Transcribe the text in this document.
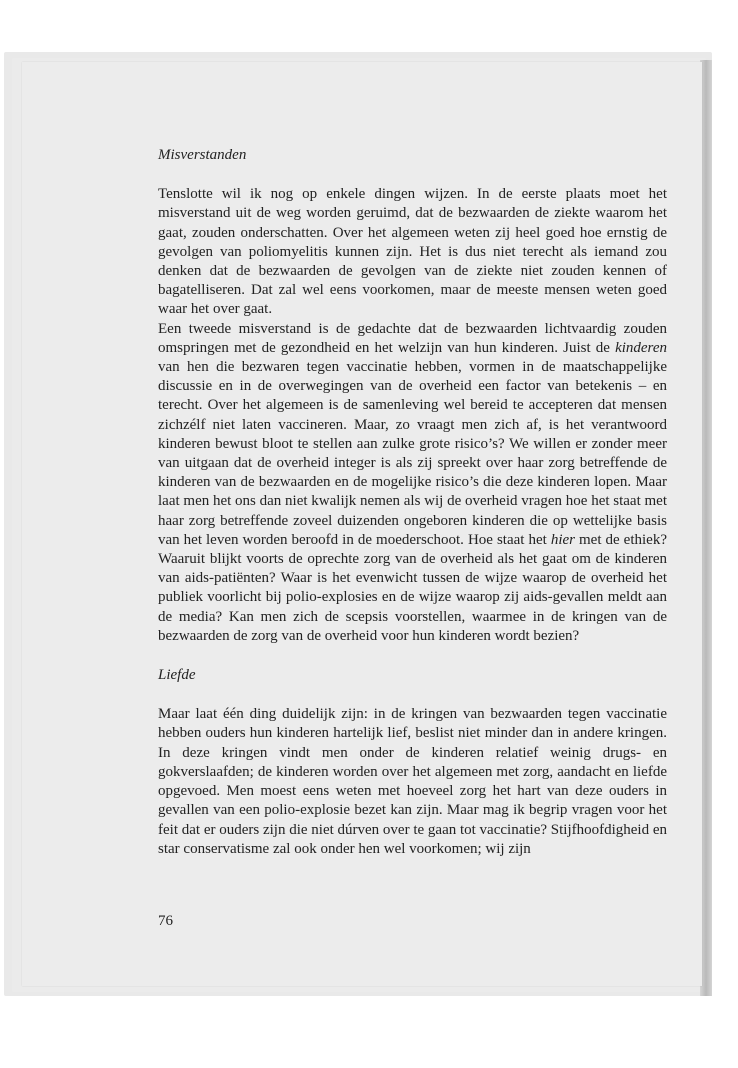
Misverstanden

Tenslotte wil ik nog op enkele dingen wijzen. In de eerste plaats moet het misverstand uit de weg worden geruimd, dat de bezwaarden de ziekte waarom het gaat, zouden onderschatten. Over het algemeen weten zij heel goed hoe ernstig de gevolgen van poliomyelitis kunnen zijn. Het is dus niet terecht als iemand zou denken dat de bezwaarden de gevolgen van de ziekte niet zouden kennen of bagatelliseren. Dat zal wel eens voorkomen, maar de meeste mensen weten goed waar het over gaat.

Een tweede misverstand is de gedachte dat de bezwaarden lichtvaardig zouden omspringen met de gezondheid en het welzijn van hun kinderen. Juist de kinderen van hen die bezwaren tegen vaccinatie hebben, vormen in de maatschappelijke discussie en in de overwegingen van de overheid een factor van betekenis – en terecht. Over het algemeen is de samenleving wel bereid te accepteren dat mensen zichzélf niet laten vaccineren. Maar, zo vraagt men zich af, is het verantwoord kinderen bewust bloot te stellen aan zulke grote risico’s? We willen er zonder meer van uitgaan dat de overheid integer is als zij spreekt over haar zorg betreffende de kinderen van de bezwaarden en de mogelijke risico’s die deze kinderen lopen. Maar laat men het ons dan niet kwalijk nemen als wij de overheid vragen hoe het staat met haar zorg betreffende zoveel duizenden ongeboren kinderen die op wettelijke basis van het leven worden beroofd in de moederschoot. Hoe staat het hier met de ethiek? Waaruit blijkt voorts de oprechte zorg van de overheid als het gaat om de kinderen van aids-patiënten? Waar is het evenwicht tussen de wijze waarop de overheid het publiek voorlicht bij polio-explosies en de wijze waarop zij aids-gevallen meldt aan de media? Kan men zich de scepsis voorstellen, waarmee in de kringen van de bezwaarden de zorg van de overheid voor hun kinderen wordt bezien?

Liefde

Maar laat één ding duidelijk zijn: in de kringen van bezwaarden tegen vaccinatie hebben ouders hun kinderen hartelijk lief, beslist niet minder dan in andere kringen. In deze kringen vindt men onder de kinderen relatief weinig drugs- en gokverslaafden; de kinderen worden over het algemeen met zorg, aandacht en liefde opgevoed. Men moest eens weten met hoeveel zorg het hart van deze ouders in gevallen van een polio-explosie bezet kan zijn. Maar mag ik begrip vragen voor het feit dat er ouders zijn die niet dúrven over te gaan tot vaccinatie? Stijfhoofdigheid en star conservatisme zal ook onder hen wel voorkomen; wij zijn

76
